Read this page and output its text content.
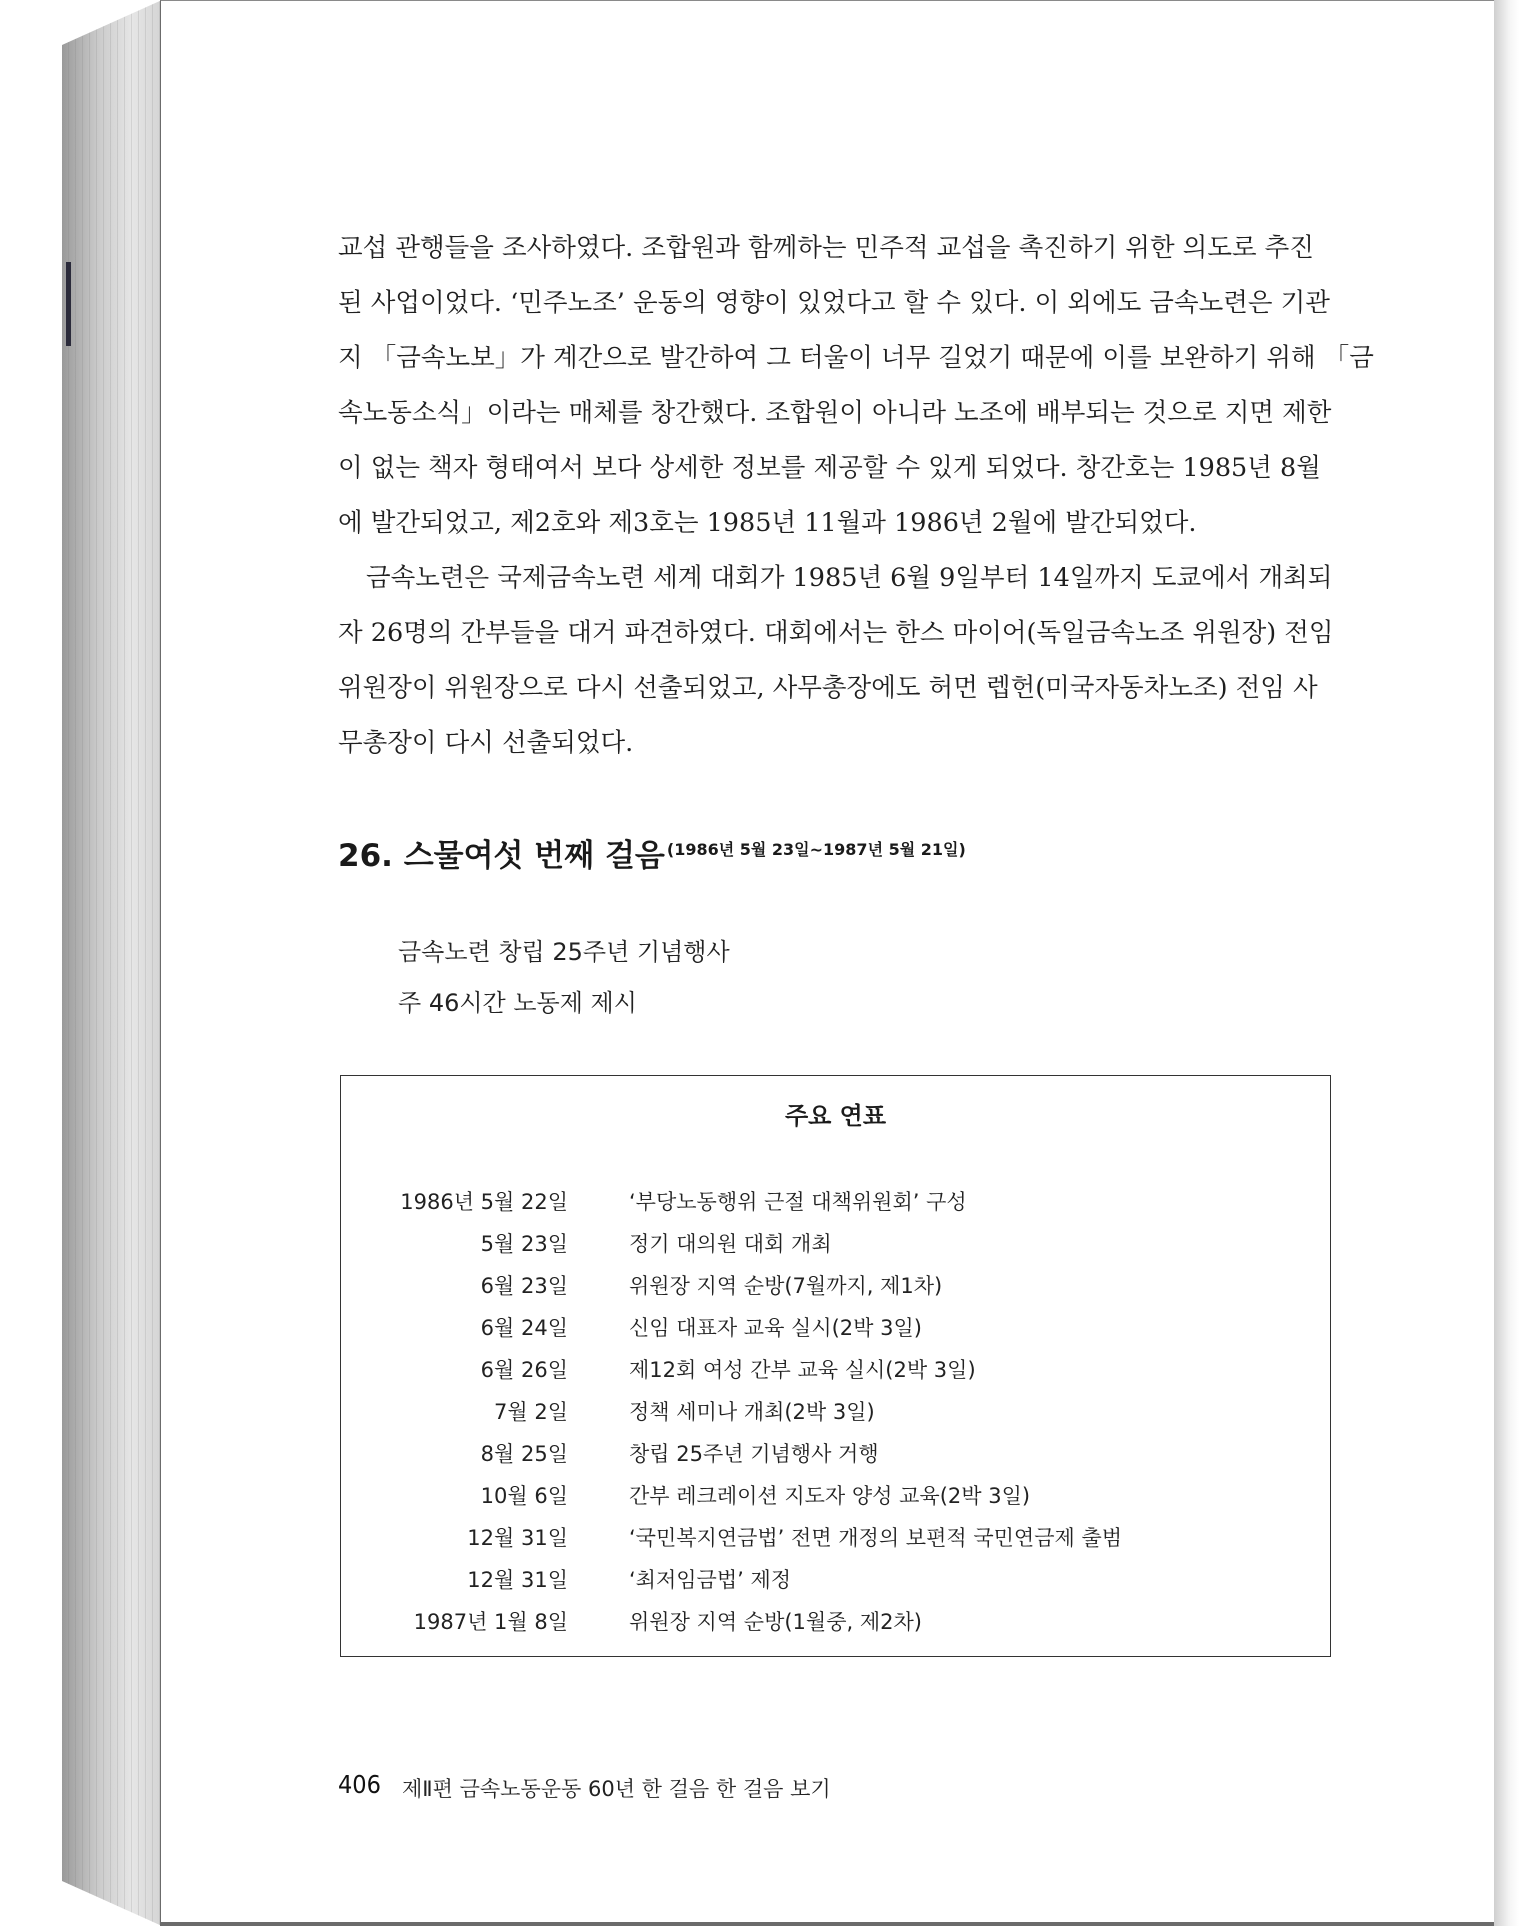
교섭 관행들을 조사하였다. 조합원과 함께하는 민주적 교섭을 촉진하기 위한 의도로 추진
된 사업이었다. ‘민주노조’ 운동의 영향이 있었다고 할 수 있다. 이 외에도 금속노련은 기관
지 「금속노보」가 계간으로 발간하여 그 터울이 너무 길었기 때문에 이를 보완하기 위해 「금
속노동소식」이라는 매체를 창간했다. 조합원이 아니라 노조에 배부되는 것으로 지면 제한
이 없는 책자 형태여서 보다 상세한 정보를 제공할 수 있게 되었다. 창간호는 1985년 8월
에 발간되었고, 제2호와 제3호는 1985년 11월과 1986년 2월에 발간되었다.
금속노련은 국제금속노련 세계 대회가 1985년 6월 9일부터 14일까지 도쿄에서 개최되
자 26명의 간부들을 대거 파견하였다. 대회에서는 한스 마이어(독일금속노조 위원장) 전임
위원장이 위원장으로 다시 선출되었고, 사무총장에도 허먼 렙헌(미국자동차노조) 전임 사
무총장이 다시 선출되었다.
26. 스물여섯 번째 걸음 $^{(1986년 5월 23일\sim 1987년 5월 21일)}$
금속노련 창립 25주년 기념행사
주 46시간 노동제 제시
주요 연표
1986년 5월 22일	‘부당노동행위 근절 대책위원회’ 구성
5월 23일	정기 대의원 대회 개최
6월 23일	위원장 지역 순방(7월까지, 제1차)
6월 24일	신임 대표자 교육 실시(2박 3일)
6월 26일	제12회 여성 간부 교육 실시(2박 3일)
7월 2일	정책 세미나 개최(2박 3일)
8월 25일	창립 25주년 기념행사 거행
10월 6일	간부 레크레이션 지도자 양성 교육(2박 3일)
12월 31일	‘국민복지연금법’ 전면 개정의 보편적 국민연금제 출범
12월 31일	‘최저임금법’ 제정
1987년 1월 8일	위원장 지역 순방(1월중, 제2차)
406 제Ⅱ편 금속노동운동 60년 한 걸음 한 걸음 보기
